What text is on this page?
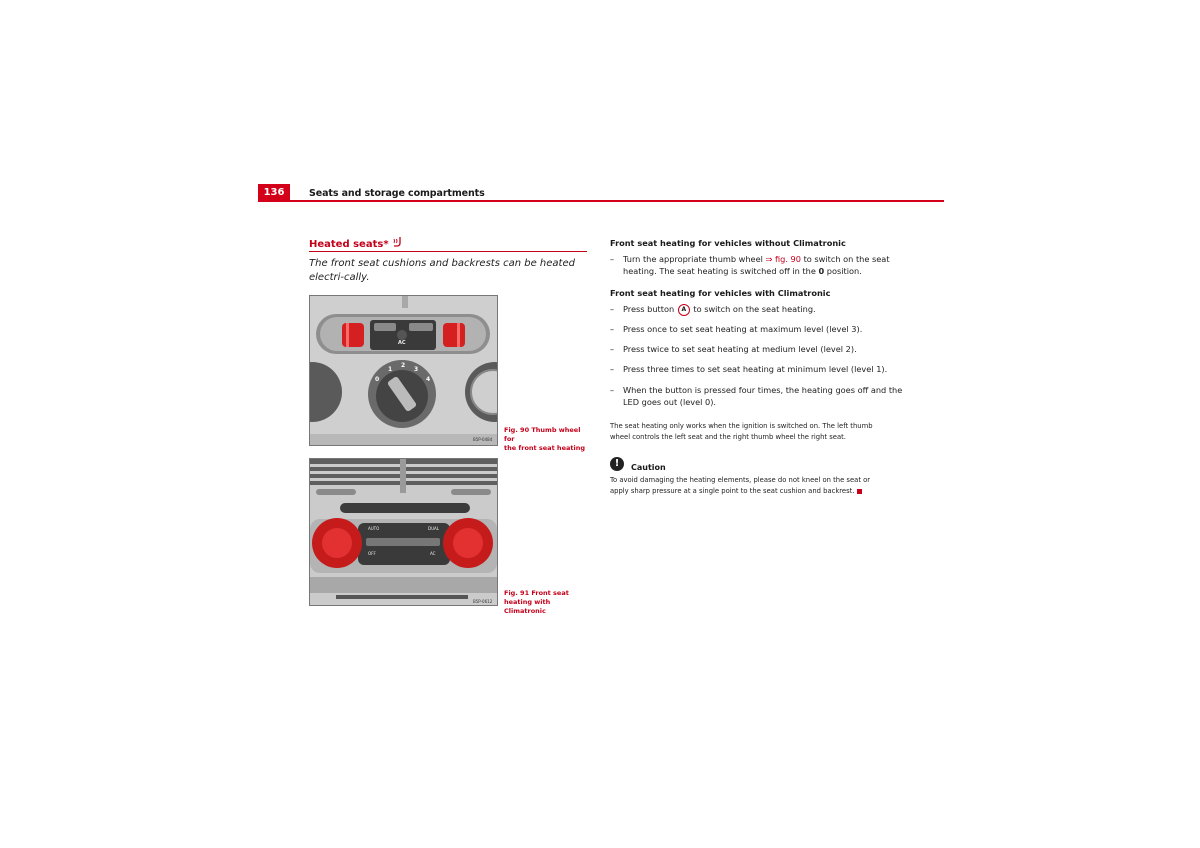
136	Seats and storage compartments
Heated seats*
The front seat cushions and backrests can be heated electri-cally.
AC
0
1
2
3
4
B5P-0484
Fig. 90 Thumb wheel for
the front seat heating
AUTO	DUAL
OFF	AC
B5P-0612
Fig. 91 Front seat
heating with Climatronic
Front seat heating for vehicles without Climatronic
– Turn the appropriate thumb wheel ⇒ fig. 90 to switch on the seat heating. The seat heating is switched off in the 0 position.
Front seat heating for vehicles with Climatronic
– Press button A to switch on the seat heating.
– Press once to set seat heating at maximum level (level 3).
– Press twice to set seat heating at medium level (level 2).
– Press three times to set seat heating at minimum level (level 1).
– When the button is pressed four times, the heating goes off and the LED goes out (level 0).
The seat heating only works when the ignition is switched on. The left thumb wheel controls the left seat and the right thumb wheel the right seat.
!	Caution
To avoid damaging the heating elements, please do not kneel on the seat or apply sharp pressure at a single point to the seat cushion and backrest.
